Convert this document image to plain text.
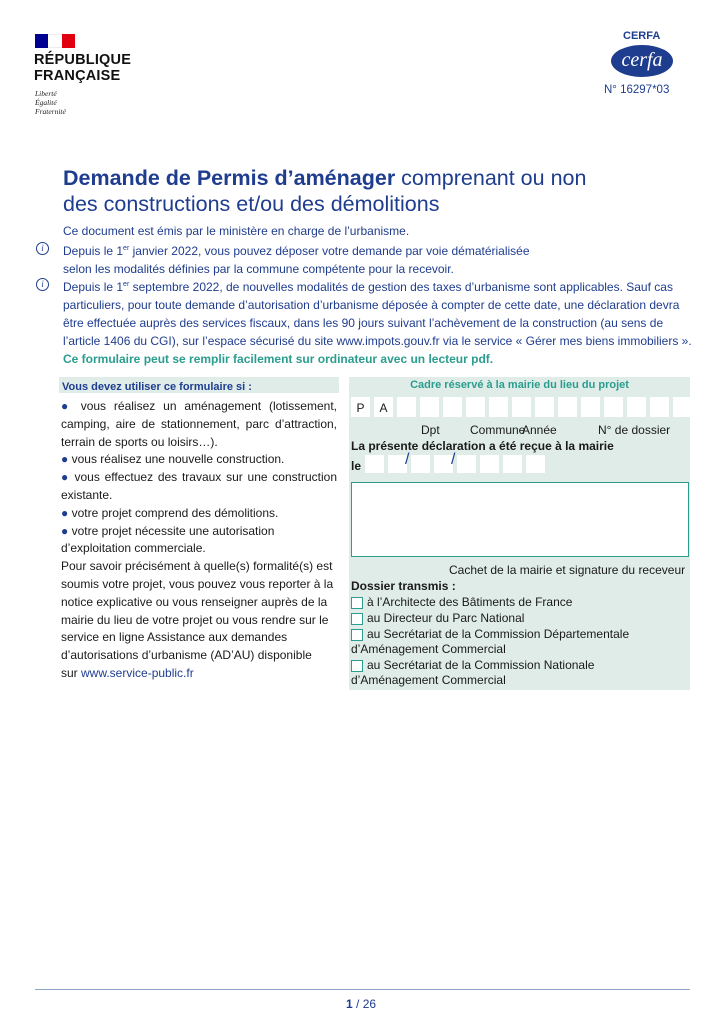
RÉPUBLIQUE
FRANÇAISE
Liberté
Égalité
Fraternité
CERFA
cerfa
N° 16297*03
Demande de Permis d’aménager comprenant ou non
des constructions et/ou des démolitions
Ce document est émis par le ministère en charge de l’urbanisme.
i	Depuis le 1er janvier 2022, vous pouvez déposer votre demande par voie dématérialisée
selon les modalités définies par la commune compétente pour la recevoir.
i	Depuis le 1er septembre 2022, de nouvelles modalités de gestion des taxes d’urbanisme sont applicables. Sauf cas
particuliers, pour toute demande d’autorisation d’urbanisme déposée à compter de cette date, une déclaration devra
être effectuée auprès des services fiscaux, dans les 90 jours suivant l’achèvement de la construction (au sens de
l’article 1406 du CGI), sur l’espace sécurisé du site www.impots.gouv.fr via le service « Gérer mes biens immobiliers ».
Ce formulaire peut se remplir facilement sur ordinateur avec un lecteur pdf.
Vous devez utiliser ce formulaire si :

● vous réalisez un aménagement (lotissement, camping, aire de stationnement, parc d’attraction, terrain de sports ou loisirs…).

● vous réalisez une nouvelle construction.

● vous effectuez des travaux sur une construction existante.

● votre projet comprend des démolitions.

● votre projet nécessite une autorisation d’exploitation commerciale.

Pour savoir précisément à quelle(s) formalité(s) est soumis votre projet, vous pouvez vous reporter à la notice explicative ou vous renseigner auprès de la mairie du lieu de votre projet ou vous rendre sur le service en ligne Assistance aux demandes d’autorisations d’urbanisme (AD’AU) disponible
sur www.service-public.fr

Cadre réservé à la mairie du lieu du projet
P	A
Dpt	Commune
Année	N° de dossier
La présente déclaration a été reçue à la mairie
le	/	/
Cachet de la mairie et signature du receveur
Dossier transmis :
à l’Architecte des Bâtiments de France
au Directeur du Parc National
au Secrétariat de la Commission Départementale
d’Aménagement Commercial
au Secrétariat de la Commission Nationale
d’Aménagement Commercial
1 / 26
